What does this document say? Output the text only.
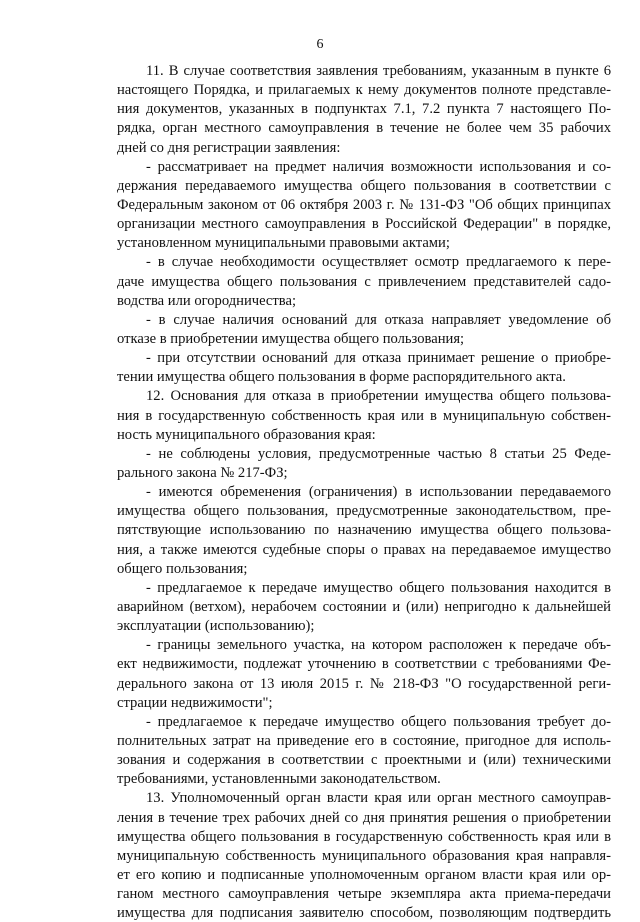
6
11. В случае соответствия заявления требованиям, указанным в пункте 6
настоящего Порядка, и прилагаемых к нему документов полноте представле-
ния документов, указанных в подпунктах 7.1, 7.2 пункта 7 настоящего По-
рядка, орган местного самоуправления в течение не более чем 35 рабочих
дней со дня регистрации заявления:
- рассматривает на предмет наличия возможности использования и со-
держания передаваемого имущества общего пользования в соответствии с
Федеральным законом от 06 октября 2003 г. № 131-ФЗ "Об общих принципах
организации местного самоуправления в Российской Федерации" в порядке,
установленном муниципальными правовыми актами;
- в случае необходимости осуществляет осмотр предлагаемого к пере-
даче имущества общего пользования с привлечением представителей садо-
водства или огородничества;
- в случае наличия оснований для отказа направляет уведомление об
отказе в приобретении имущества общего пользования;
- при отсутствии оснований для отказа принимает решение о приобре-
тении имущества общего пользования в форме распорядительного акта.
12. Основания для отказа в приобретении имущества общего пользова-
ния в государственную собственность края или в муниципальную собствен-
ность муниципального образования края:
- не соблюдены условия, предусмотренные частью 8 статьи 25 Феде-
рального закона № 217-ФЗ;
- имеются обременения (ограничения) в использовании передаваемого
имущества общего пользования, предусмотренные законодательством, пре-
пятствующие использованию по назначению имущества общего пользова-
ния, а также имеются судебные споры о правах на передаваемое имущество
общего пользования;
- предлагаемое к передаче имущество общего пользования находится в
аварийном (ветхом), нерабочем состоянии и (или) непригодно к дальнейшей
эксплуатации (использованию);
- границы земельного участка, на котором расположен к передаче объ-
ект недвижимости, подлежат уточнению в соответствии с требованиями Фе-
дерального закона от 13 июля 2015 г. № 218-ФЗ "О государственной реги-
страции недвижимости";
- предлагаемое к передаче имущество общего пользования требует до-
полнительных затрат на приведение его в состояние, пригодное для исполь-
зования и содержания в соответствии с проектными и (или) техническими
требованиями, установленными законодательством.
13. Уполномоченный орган власти края или орган местного самоуправ-
ления в течение трех рабочих дней со дня принятия решения о приобретении
имущества общего пользования в государственную собственность края или в
муниципальную собственность муниципального образования края направля-
ет его копию и подписанные уполномоченным органом власти края или ор-
ганом местного самоуправления четыре экземпляра акта приема-передачи
имущества для подписания заявителю способом, позволяющим подтвердить
